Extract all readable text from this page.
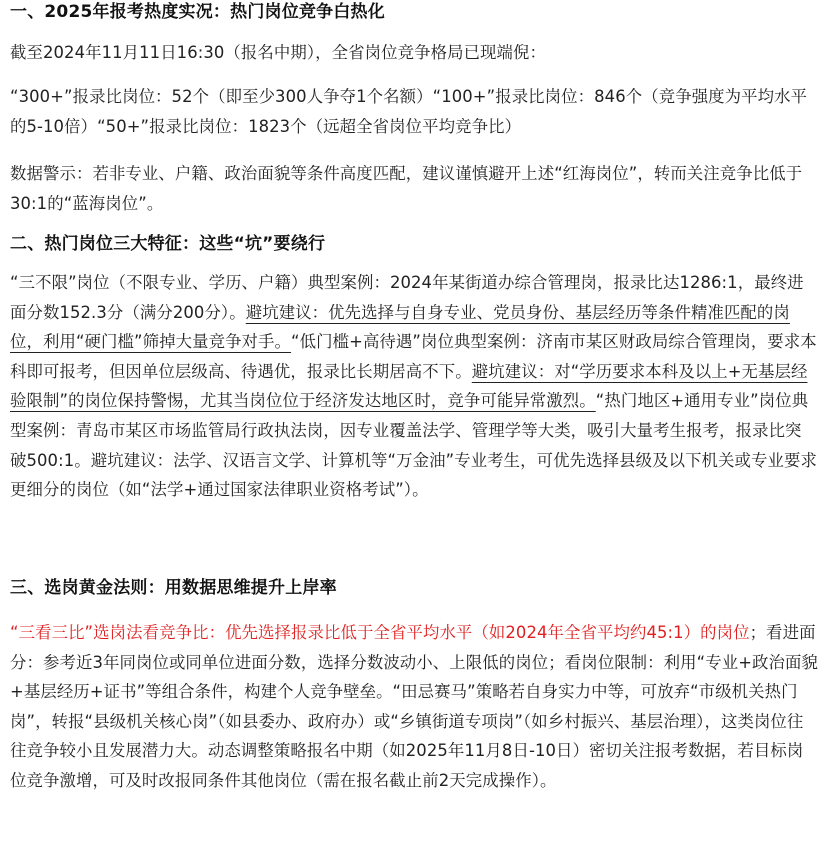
一、2025年报考热度实况：热门岗位竞争白热化

截至2024年11月11日16:30（报名中期），全省岗位竞争格局已现端倪：

“300+”报录比岗位：52个（即至少300人争夺1个名额）“100+”报录比岗位：846个（竞争强度为平均水平的5-10倍）“50+”报录比岗位：1823个（远超全省岗位平均竞争比）

数据警示：若非专业、户籍、政治面貌等条件高度匹配，建议谨慎避开上述“红海岗位”，转而关注竞争比低于30:1的“蓝海岗位”。

二、热门岗位三大特征：这些“坑”要绕行

“三不限”岗位（不限专业、学历、户籍）典型案例：2024年某街道办综合管理岗，报录比达1286:1，最终进面分数152.3分（满分200分）。避坑建议：优先选择与自身专业、党员身份、基层经历等条件精准匹配的岗位，利用“硬门槛”筛掉大量竞争对手。“低门槛+高待遇”岗位典型案例：济南市某区财政局综合管理岗，要求本科即可报考，但因单位层级高、待遇优，报录比长期居高不下。避坑建议：对“学历要求本科及以上+无基层经验限制”的岗位保持警惕，尤其当岗位位于经济发达地区时，竞争可能异常激烈。“热门地区+通用专业”岗位典型案例：青岛市某区市场监管局行政执法岗，因专业覆盖法学、管理学等大类，吸引大量考生报考，报录比突破500:1。避坑建议：法学、汉语言文学、计算机等“万金油”专业考生，可优先选择县级及以下机关或专业要求更细分的岗位（如“法学+通过国家法律职业资格考试”）。

三、选岗黄金法则：用数据思维提升上岸率

“三看三比”选岗法看竞争比：优先选择报录比低于全省平均水平（如2024年全省平均约45:1）的岗位；看进面分：参考近3年同岗位或同单位进面分数，选择分数波动小、上限低的岗位；看岗位限制：利用“专业+政治面貌+基层经历+证书”等组合条件，构建个人竞争壁垒。“田忌赛马”策略若自身实力中等，可放弃“市级机关热门岗”，转报“县级机关核心岗”（如县委办、政府办）或“乡镇街道专项岗”（如乡村振兴、基层治理），这类岗位往往竞争较小且发展潜力大。动态调整策略报名中期（如2025年11月8日-10日）密切关注报考数据，若目标岗位竞争激增，可及时改报同条件其他岗位（需在报名截止前2天完成操作）。
